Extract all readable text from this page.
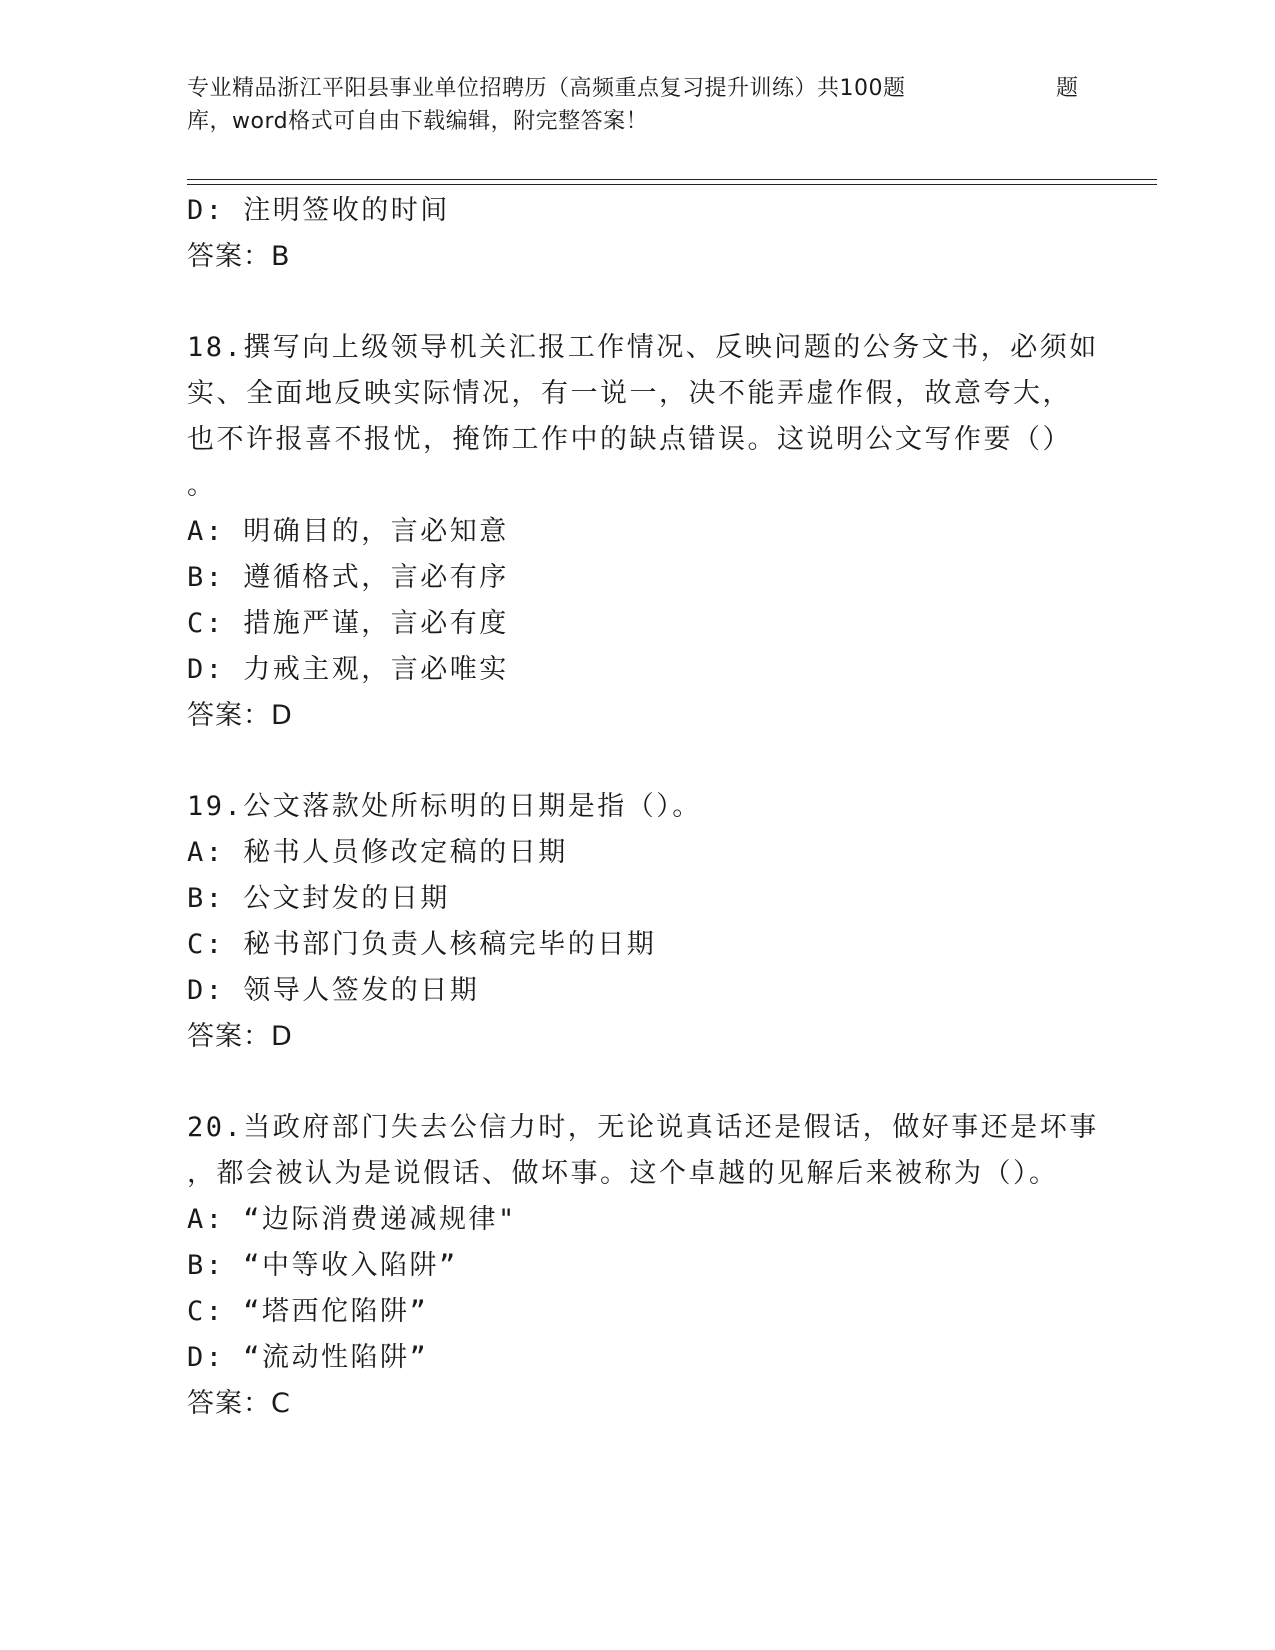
专业精品浙江平阳县事业单位招聘历（高频重点复习提升训练）共100题	题
库，word格式可自由下载编辑，附完整答案！
D: 注明签收的时间
答案：B
18.撰写向上级领导机关汇报工作情况、反映问题的公务文书，必须如
实、全面地反映实际情况，有一说一，决不能弄虚作假，故意夸大，
也不许报喜不报忧，掩饰工作中的缺点错误。这说明公文写作要（）
。
A: 明确目的，言必知意
B: 遵循格式，言必有序
C: 措施严谨，言必有度
D: 力戒主观，言必唯实
答案：D
19.公文落款处所标明的日期是指（）。
A: 秘书人员修改定稿的日期
B: 公文封发的日期
C: 秘书部门负责人核稿完毕的日期
D: 领导人签发的日期
答案：D
20.当政府部门失去公信力时，无论说真话还是假话，做好事还是坏事
，都会被认为是说假话、做坏事。这个卓越的见解后来被称为（）。
A: “边际消费递减规律"
B: “中等收入陷阱”
C: “塔西佗陷阱”
D: “流动性陷阱”
答案：C
